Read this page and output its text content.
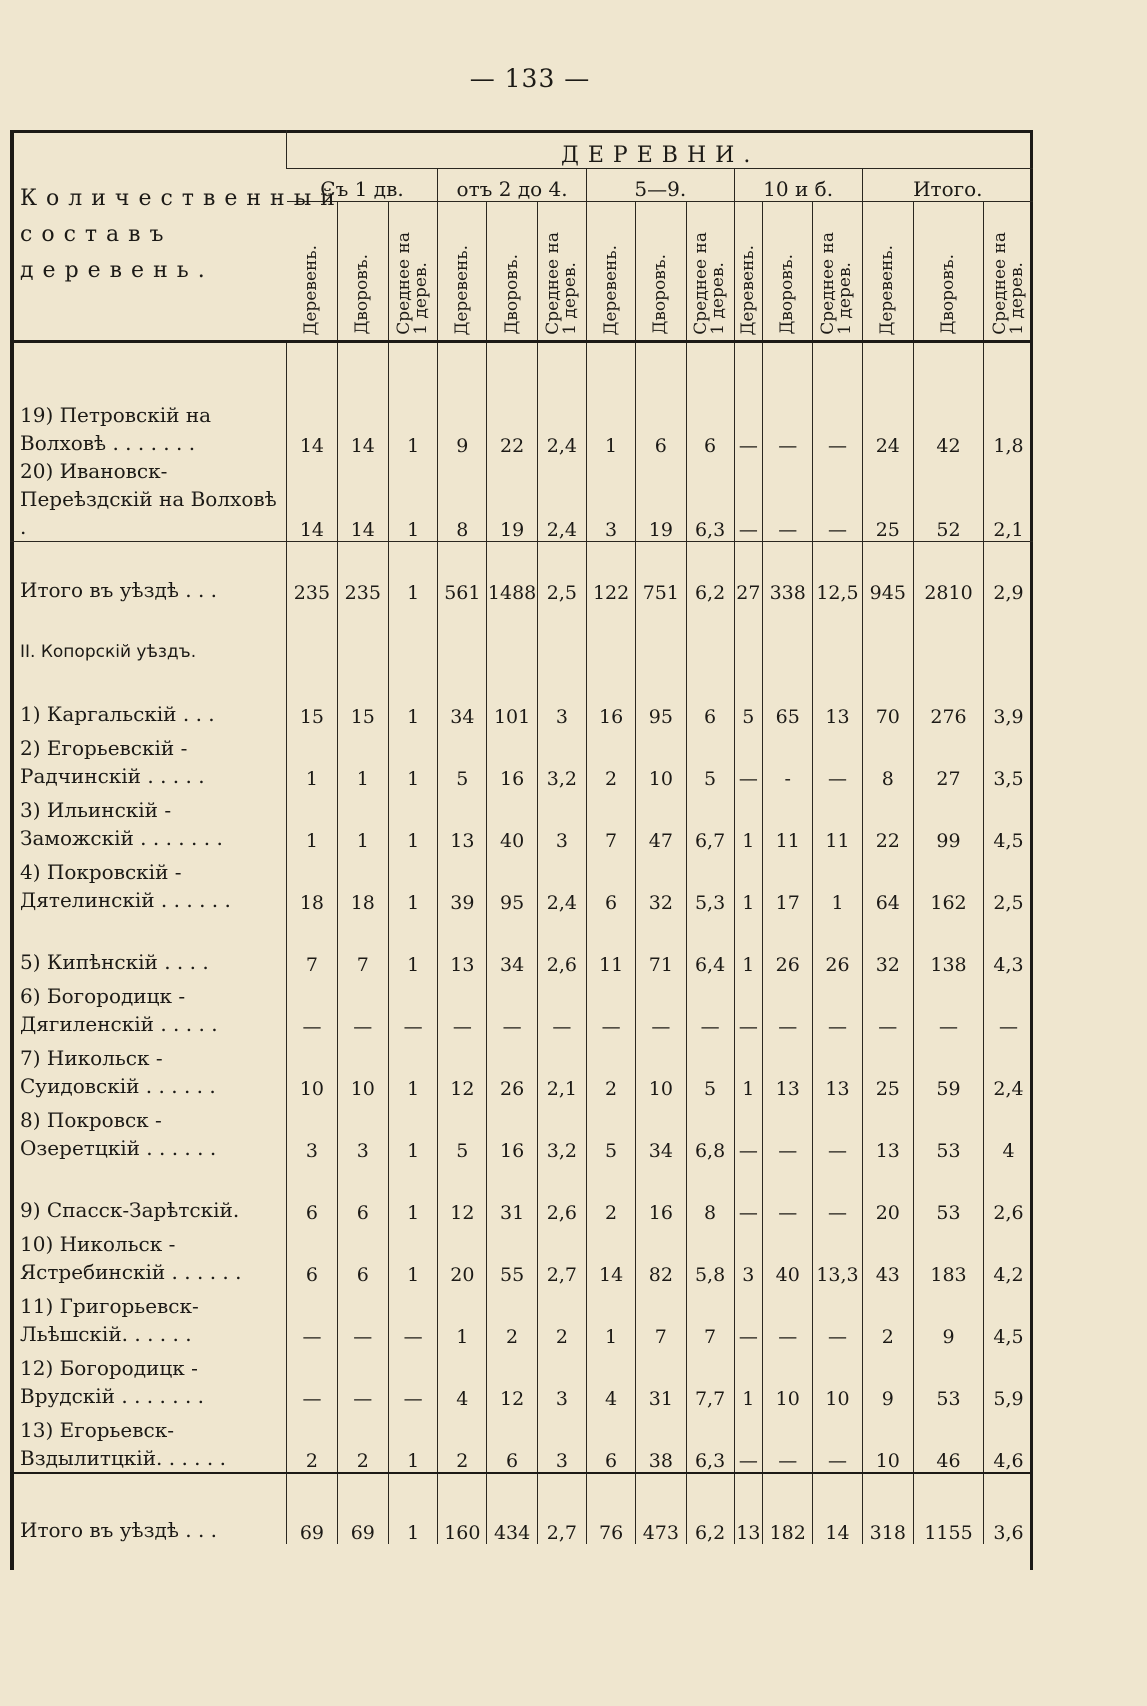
— 133 —
Количественный составъ деревень.	ДЕРЕВНИ.														
	Съ 1 дв.			отъ 2 до 4.			5—9.			10 и б.			Итого.		
	Деревень.	Дворовъ.	Среднее на
1 дерев.	Деревень.	Дворовъ.	Среднее на
1 дерев.	Деревень.	Дворовъ.	Среднее на
1 дерев.	Деревень.	Дворовъ.	Среднее на
1 дерев.	Деревень.	Дворовъ.	Среднее на
1 дерев.

19) Петровскій на Волховѣ . . . . . . .	14	14	1	9	22	2,4	1	6	6	—	—	—	24	42	1,8
20) Ивановск-Переѣздскій на Волховѣ .	14	14	1	8	19	2,4	3	19	6,3	—	—	—	25	52	2,1
Итого въ уѣздѣ . . .	235	235	1	561	1488	2,5	122	751	6,2	27	338	12,5	945	2810	2,9
II. Копорскій уѣздъ.															
1) Каргальскій . . .	15	15	1	34	101	3	16	95	6	5	65	13	70	276	3,9
2) Егорьевскій - Радчинскій . . . . .	1	1	1	5	16	3,2	2	10	5	—	-	—	8	27	3,5
3) Ильинскій - Заможскій . . . . . . .	1	1	1	13	40	3	7	47	6,7	1	11	11	22	99	4,5
4) Покровскій - Дятелинскій . . . . . .	18	18	1	39	95	2,4	6	32	5,3	1	17	1	64	162	2,5
5) Кипѣнскій . . . .	7	7	1	13	34	2,6	11	71	6,4	1	26	26	32	138	4,3
6) Богородицк - Дягиленскій . . . . .	—	—	—	—	—	—	—	—	—	—	—	—	—	—	—
7) Никольск - Суидовскій . . . . . .	10	10	1	12	26	2,1	2	10	5	1	13	13	25	59	2,4
8) Покровск - Озеретцкій . . . . . .	3	3	1	5	16	3,2	5	34	6,8	—	—	—	13	53	4
9) Спасск-Зарѣтскій.	6	6	1	12	31	2,6	2	16	8	—	—	—	20	53	2,6
10) Никольск - Ястребинскій . . . . . .	6	6	1	20	55	2,7	14	82	5,8	3	40	13,3	43	183	4,2
11) Григорьевск-Льѣшскій. . . . . .	—	—	—	1	2	2	1	7	7	—	—	—	2	9	4,5
12) Богородицк - Врудскій . . . . . . .	—	—	—	4	12	3	4	31	7,7	1	10	10	9	53	5,9
13) Егорьевск-Вздылитцкій. . . . . .	2	2	1	2	6	3	6	38	6,3	—	—	—	10	46	4,6
Итого въ уѣздѣ . . .	69	69	1	160	434	2,7	76	473	6,2	13	182	14	318	1155	3,6
